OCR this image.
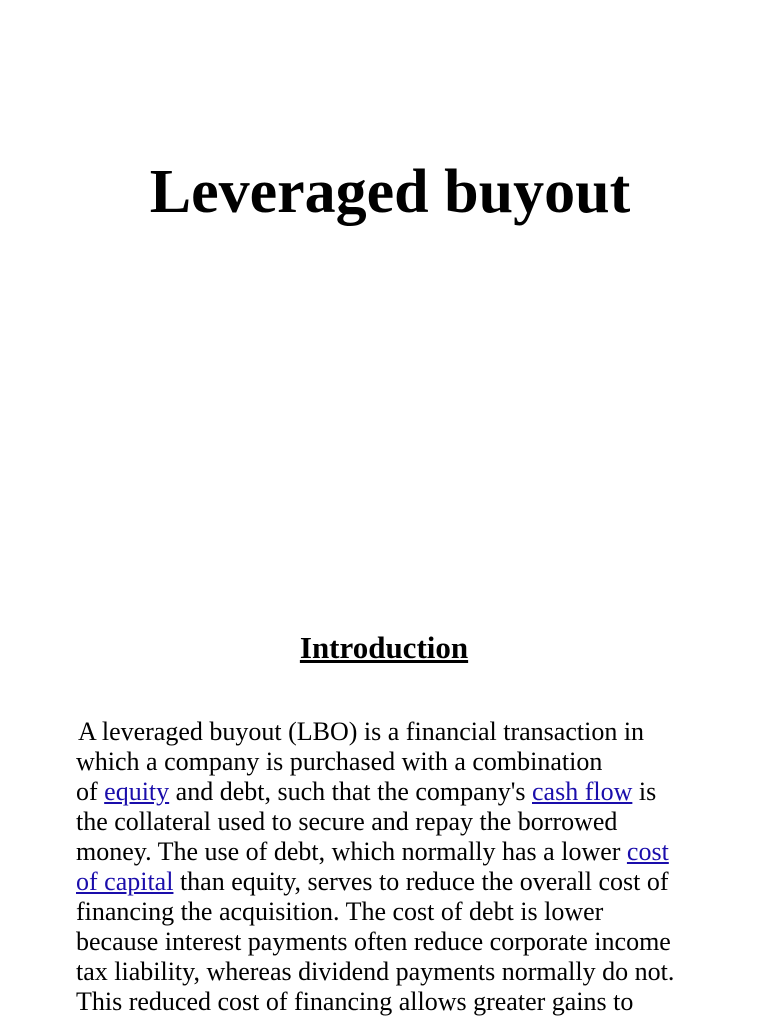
Leveraged buyout
Introduction

A leveraged buyout (LBO) is a financial transaction in
which a company is purchased with a combination
of equity and debt, such that the company's cash flow is
the collateral used to secure and repay the borrowed
money. The use of debt, which normally has a lower cost
of capital than equity, serves to reduce the overall cost of
financing the acquisition. The cost of debt is lower
because interest payments often reduce corporate income
tax liability, whereas dividend payments normally do not.
This reduced cost of financing allows greater gains to
